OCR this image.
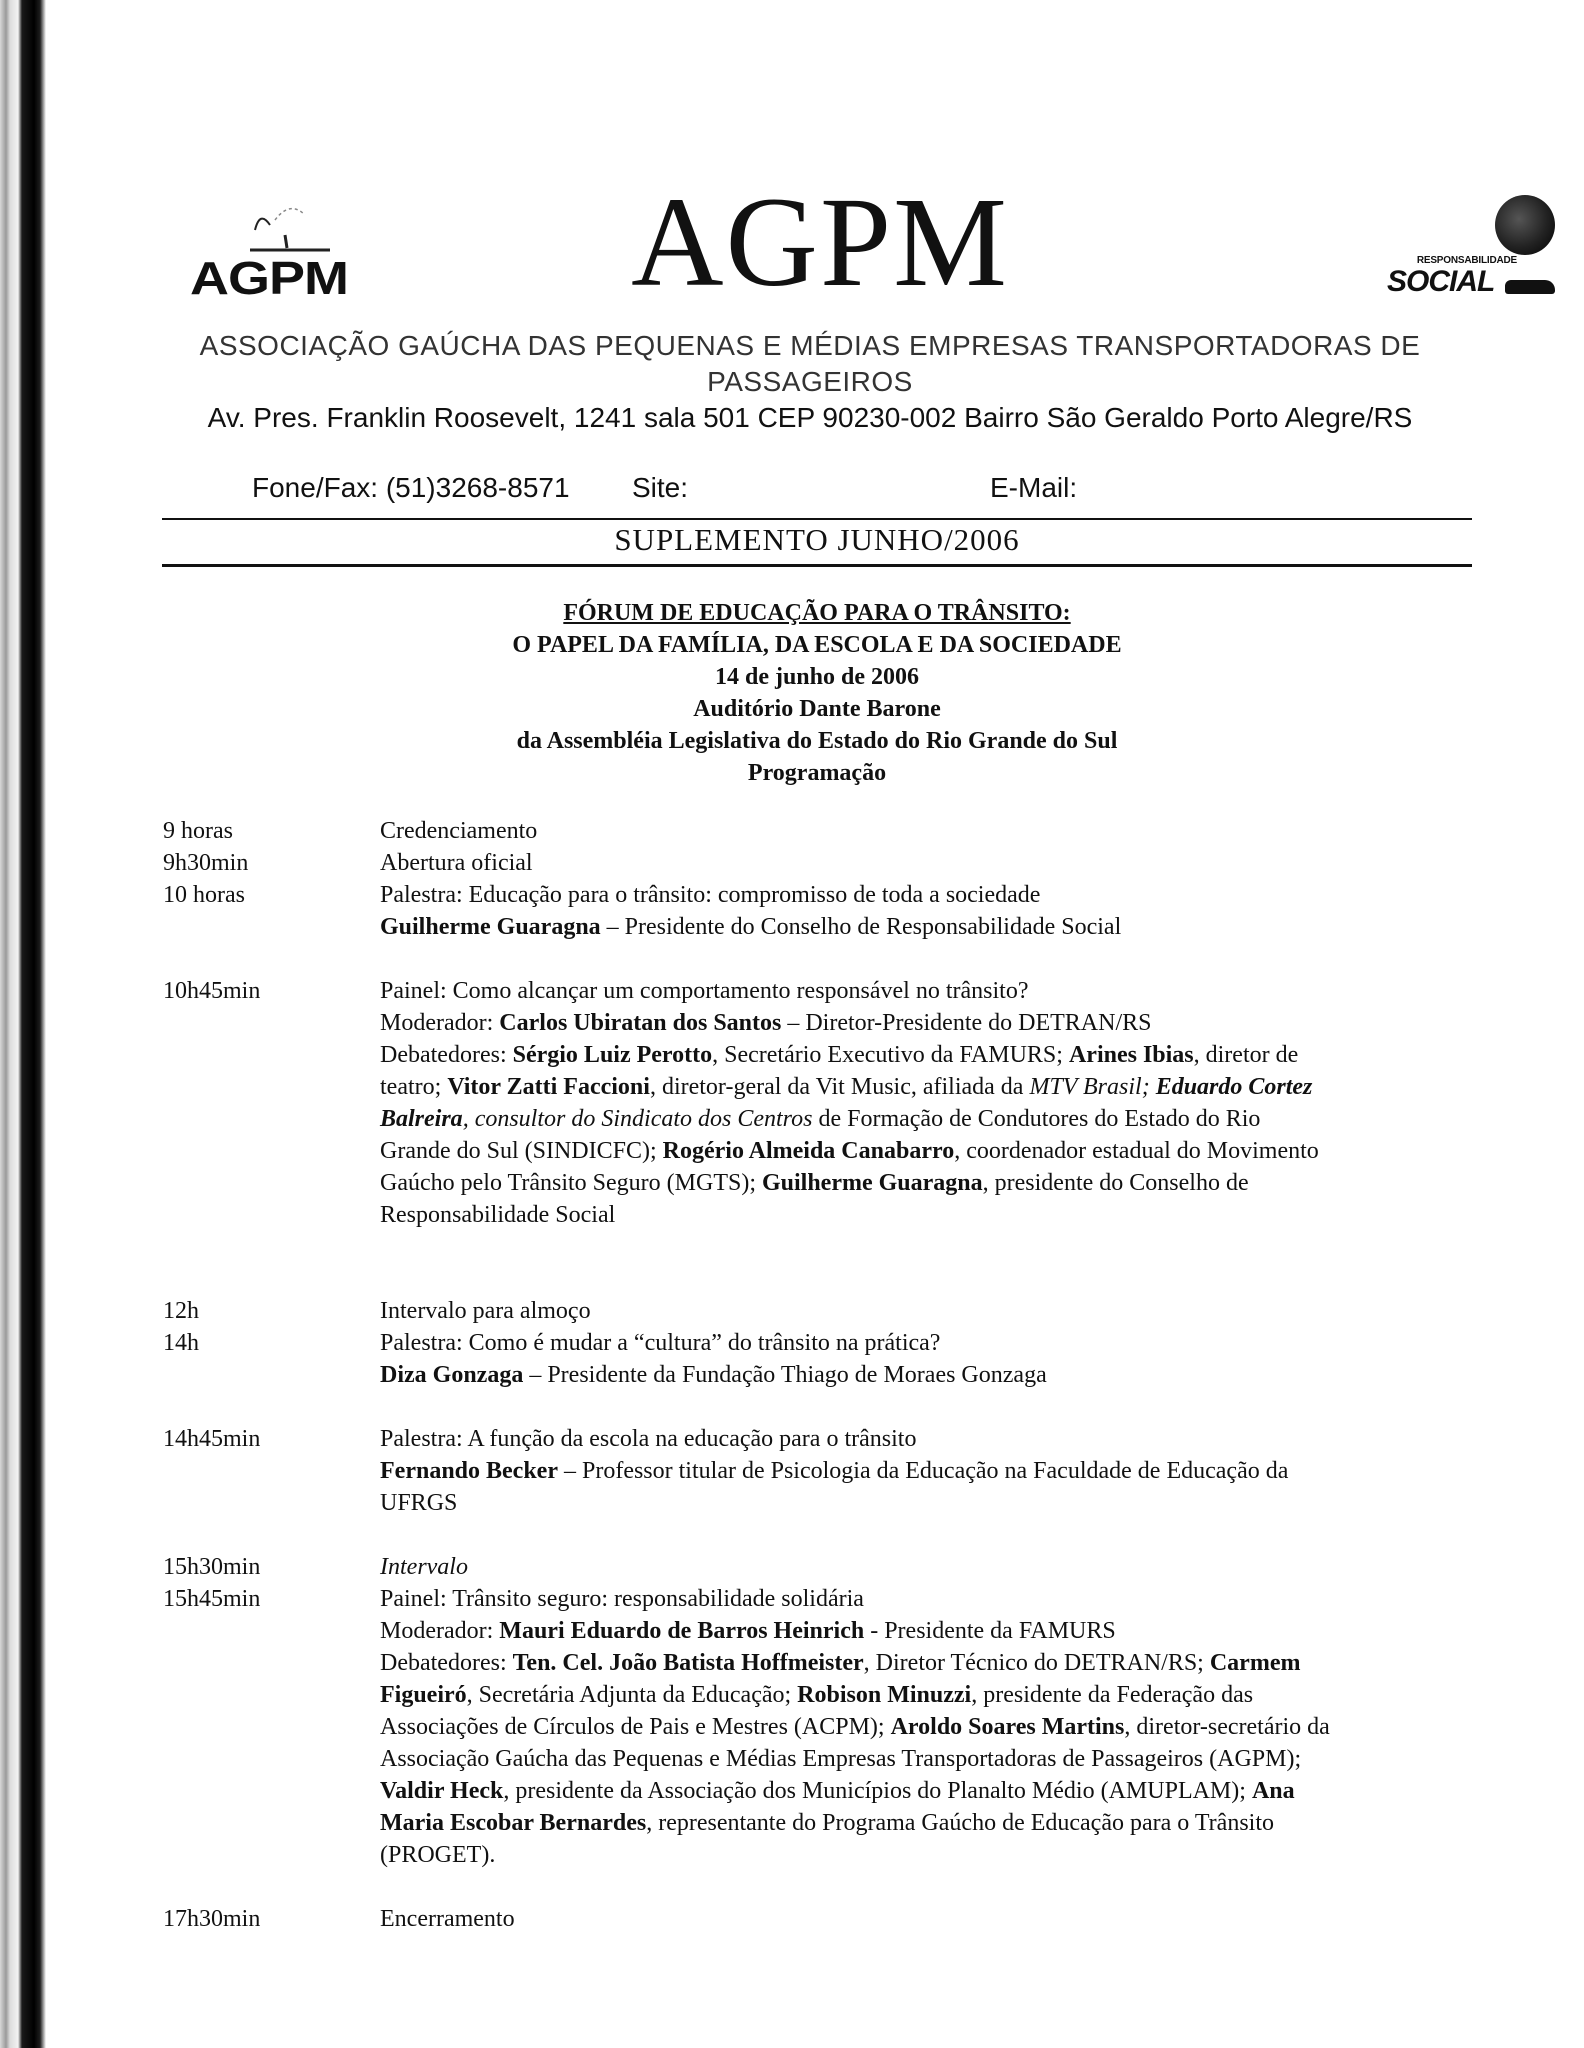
AGPM AGPM	RESPONSABILIDADE
SOCIAL
ASSOCIAÇÃO GAÚCHA DAS PEQUENAS E MÉDIAS EMPRESAS TRANSPORTADORAS DE PASSAGEIROS
Av. Pres. Franklin Roosevelt, 1241 sala 501 CEP 90230-002 Bairro São Geraldo Porto Alegre/RS
Fone/Fax: (51)3268-8571 Site:	E-Mail:
SUPLEMENTO JUNHO/2006
FÓRUM DE EDUCAÇÃO PARA O TRÂNSITO:
O PAPEL DA FAMÍLIA, DA ESCOLA E DA SOCIEDADE
14 de junho de 2006
Auditório Dante Barone
da Assembléia Legislativa do Estado do Rio Grande do Sul
Programação
9 horas	Credenciamento
9h30min	Abertura oficial
10 horas	Palestra: Educação para o trânsito: compromisso de toda a sociedade
Guilherme Guaragna – Presidente do Conselho de Responsabilidade Social
10h45min	Painel: Como alcançar um comportamento responsável no trânsito?
Moderador: Carlos Ubiratan dos Santos – Diretor-Presidente do DETRAN/RS
Debatedores: Sérgio Luiz Perotto, Secretário Executivo da FAMURS; Arines Ibias, diretor de teatro; Vitor Zatti Faccioni, diretor-geral da Vit Music, afiliada da MTV Brasil; Eduardo Cortez Balreira, consultor do Sindicato dos Centros de Formação de Condutores do Estado do Rio Grande do Sul (SINDICFC); Rogério Almeida Canabarro, coordenador estadual do Movimento Gaúcho pelo Trânsito Seguro (MGTS); Guilherme Guaragna, presidente do Conselho de Responsabilidade Social
12h	Intervalo para almoço
14h	Palestra: Como é mudar a “cultura” do trânsito na prática?
Diza Gonzaga – Presidente da Fundação Thiago de Moraes Gonzaga
14h45min	Palestra: A função da escola na educação para o trânsito
Fernando Becker – Professor titular de Psicologia da Educação na Faculdade de Educação da UFRGS
15h30min	Intervalo
15h45min	Painel: Trânsito seguro: responsabilidade solidária
Moderador: Mauri Eduardo de Barros Heinrich - Presidente da FAMURS
Debatedores: Ten. Cel. João Batista Hoffmeister, Diretor Técnico do DETRAN/RS; Carmem Figueiró, Secretária Adjunta da Educação; Robison Minuzzi, presidente da Federação das Associações de Círculos de Pais e Mestres (ACPM); Aroldo Soares Martins, diretor-secretário da Associação Gaúcha das Pequenas e Médias Empresas Transportadoras de Passageiros (AGPM); Valdir Heck, presidente da Associação dos Municípios do Planalto Médio (AMUPLAM); Ana Maria Escobar Bernardes, representante do Programa Gaúcho de Educação para o Trânsito (PROGET).
17h30min	Encerramento
